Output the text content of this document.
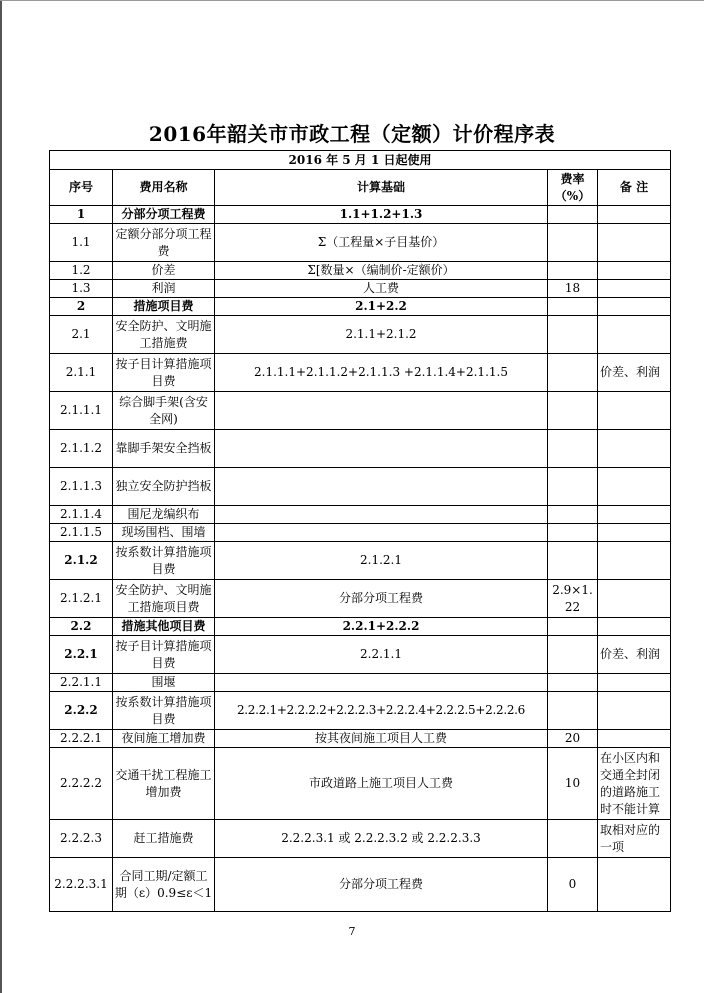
2016年韶关市市政工程（定额）计价程序表
2016 年 5 月 1 日起使用				
序号	费用名称	计算基础	费率（%）	备 注
1	分部分项工程费	1.1+1.2+1.3		
1.1	定额分部分项工程费	Σ（工程量×子目基价）		
1.2	价差	Σ[数量×（编制价-定额价）		
1.3	利润	人工费	18	
2	措施项目费	2.1+2.2		
2.1	安全防护、文明施工措施费	2.1.1+2.1.2		
2.1.1	按子目计算措施项目费	2.1.1.1+2.1.1.2+2.1.1.3 +2.1.1.4+2.1.1.5		价差、利润
2.1.1.1	综合脚手架(含安全网)			
2.1.1.2	靠脚手架安全挡板			
2.1.1.3	独立安全防护挡板			
2.1.1.4	围尼龙编织布			
2.1.1.5	现场围档、围墙			
2.1.2	按系数计算措施项目费	2.1.2.1		
2.1.2.1	安全防护、文明施工措施项目费	分部分项工程费	2.9×1.22	
2.2	措施其他项目费	2.2.1+2.2.2		
2.2.1	按子目计算措施项目费	2.2.1.1		价差、利润
2.2.1.1	围堰			
2.2.2	按系数计算措施项目费	2.2.2.1+2.2.2.2+2.2.2.3+2.2.2.4+2.2.2.5+2.2.2.6		
2.2.2.1	夜间施工增加费	按其夜间施工项目人工费	20	
2.2.2.2	交通干扰工程施工增加费	市政道路上施工项目人工费	10	在小区内和交通全封闭的道路施工时不能计算
2.2.2.3	赶工措施费	2.2.2.3.1 或 2.2.2.3.2 或 2.2.2.3.3		取相对应的一项
2.2.2.3.1	合同工期/定额工期（ε）0.9≤ε＜1	分部分项工程费	0	
7
